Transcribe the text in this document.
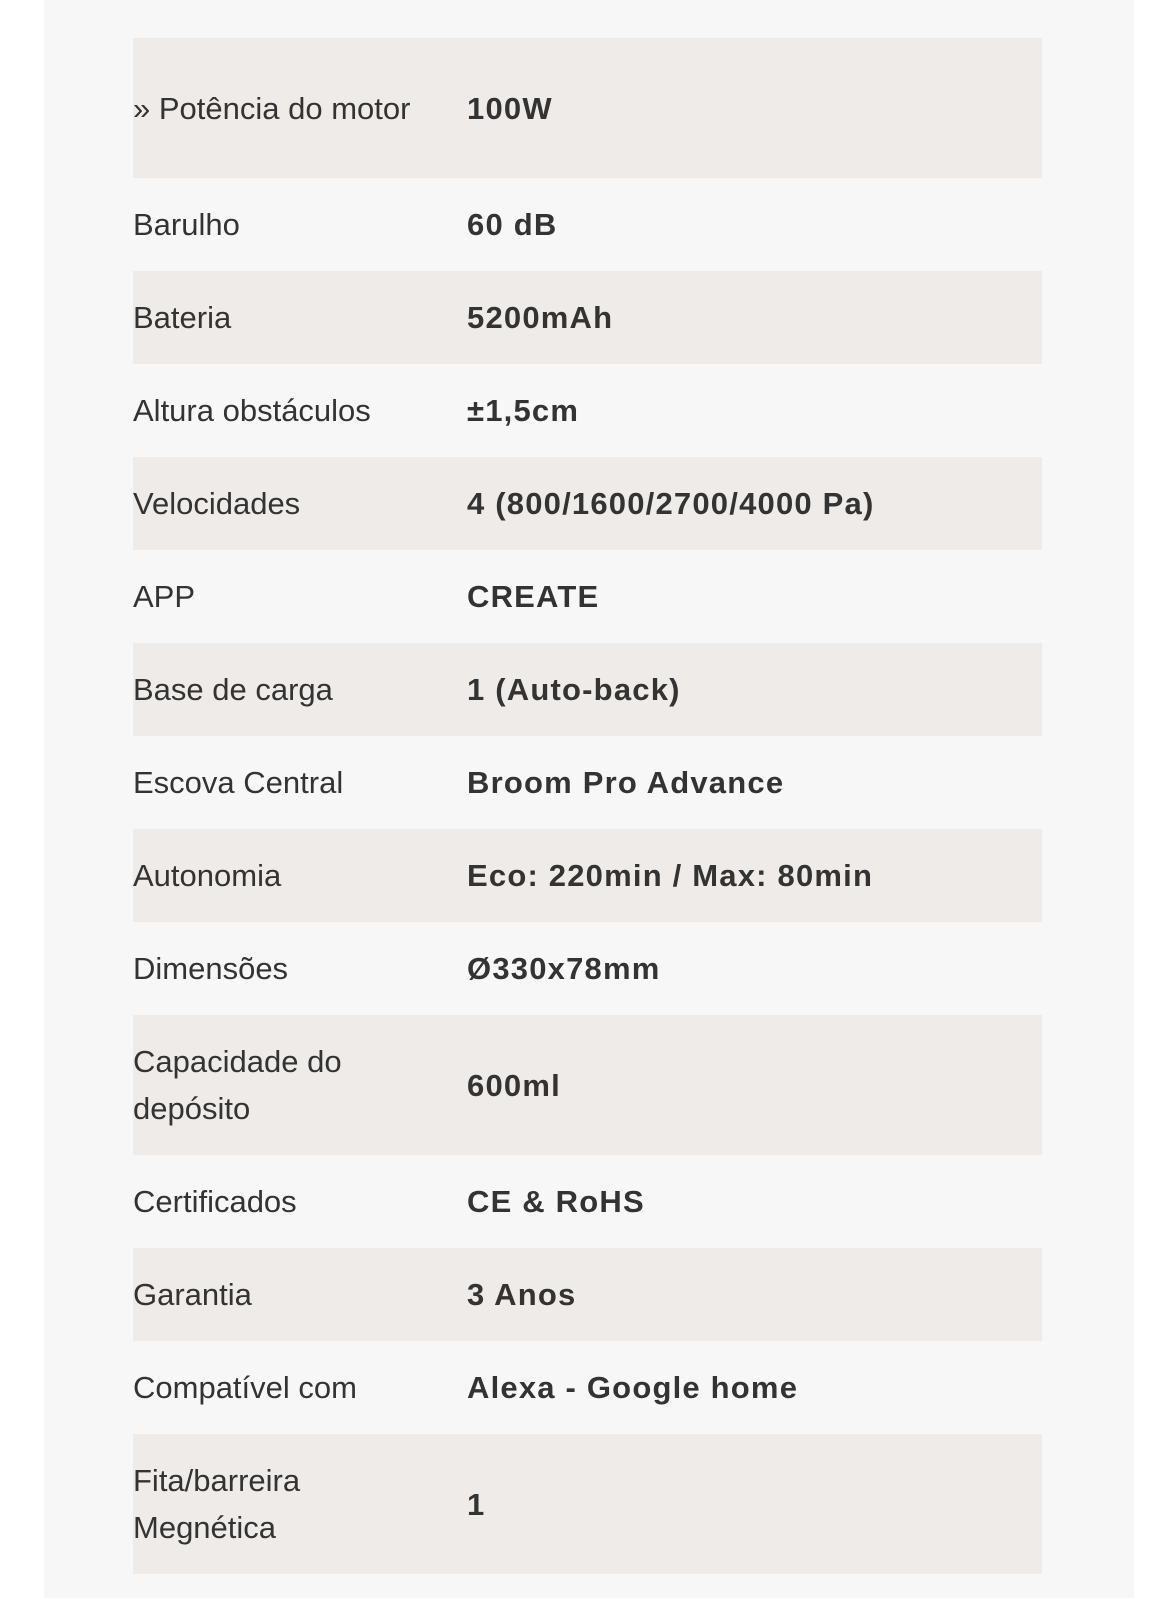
» Potência do motor	100W

Barulho	60 dB

Bateria	5200mAh

Altura obstáculos	±1,5cm

Velocidades	4 (800/1600/2700/4000 Pa)

APP	CREATE

Base de carga	1 (Auto-back)

Escova Central	Broom Pro Advance

Autonomia	Eco: 220min / Max: 80min

Dimensões	Ø330x78mm

Capacidade do depósito	600ml

Certificados	CE & RoHS

Garantia	3 Anos

Compatível com	Alexa - Google home

Fita/barreira Megnética	1
